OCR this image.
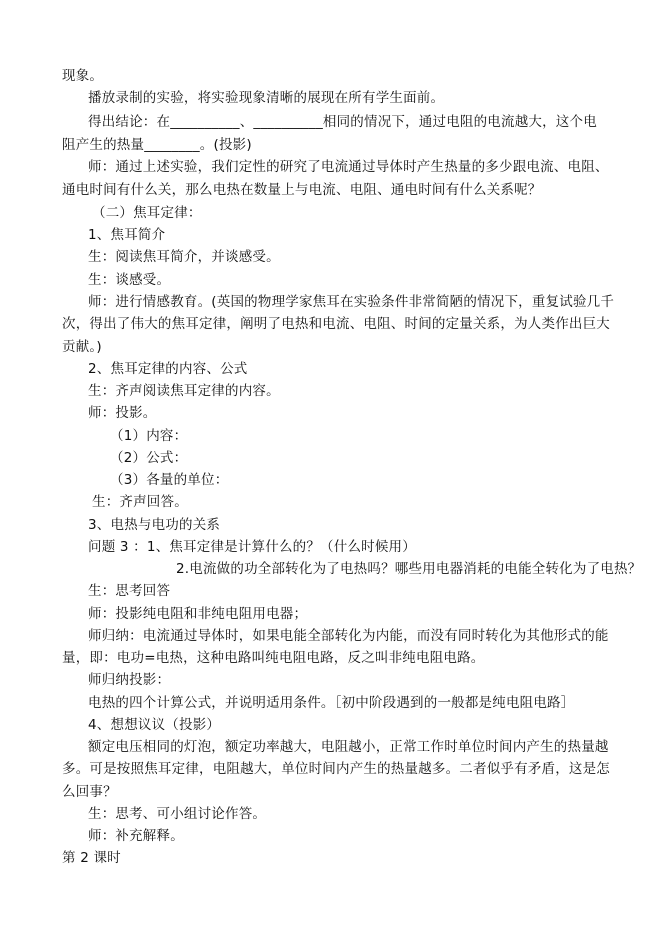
现象。
播放录制的实验，将实验现象清晰的展现在所有学生面前。
得出结论：在__________、__________相同的情况下，通过电阻的电流越大，这个电
阻产生的热量________。(投影)
师：通过上述实验，我们定性的研究了电流通过导体时产生热量的多少跟电流、电阻、
通电时间有什么关，那么电热在数量上与电流、电阻、通电时间有什么关系呢？
（二）焦耳定律：
1、焦耳简介
生：阅读焦耳简介，并谈感受。
生：谈感受。
师：进行情感教育。(英国的物理学家焦耳在实验条件非常简陋的情况下，重复试验几千
次，得出了伟大的焦耳定律，阐明了电热和电流、电阻、时间的定量关系，为人类作出巨大
贡献。)
2、焦耳定律的内容、公式
生：齐声阅读焦耳定律的内容。
师：投影。
（1）内容：
（2）公式：
（3）各量的单位：
生：齐声回答。
3、电热与电功的关系
问题 3 ：1、焦耳定律是计算什么的？（什么时候用）
2.电流做的功全部转化为了电热吗？哪些用电器消耗的电能全转化为了电热？
生：思考回答
师：投影纯电阻和非纯电阻用电器；
师归纳：电流通过导体时，如果电能全部转化为内能，而没有同时转化为其他形式的能
量，即：电功=电热，这种电路叫纯电阻电路，反之叫非纯电阻电路。
师归纳投影：
电热的四个计算公式，并说明适用条件。［初中阶段遇到的一般都是纯电阻电路］
4、想想议议（投影）
额定电压相同的灯泡，额定功率越大，电阻越小，正常工作时单位时间内产生的热量越
多。可是按照焦耳定律，电阻越大，单位时间内产生的热量越多。二者似乎有矛盾，这是怎
么回事？
生：思考、可小组讨论作答。
师：补充解释。
第 2 课时
